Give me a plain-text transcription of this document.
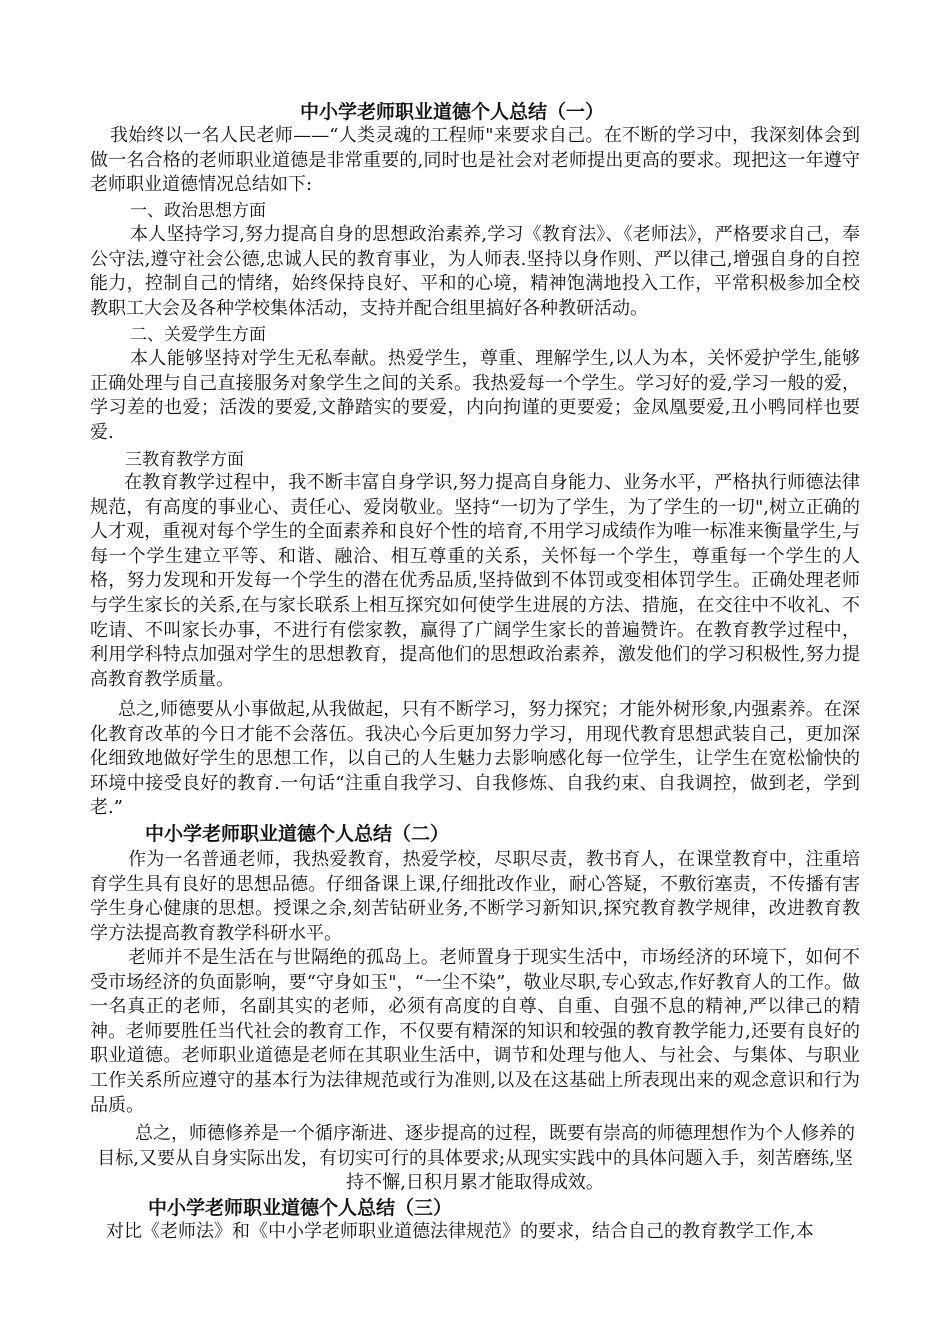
中小学老师职业道德个人总结（一）

我始终以一名人民老师——“人类灵魂的工程师"来要求自己。在不断的学习中，我深刻体会到做一名合格的老师职业道德是非常重要的,同时也是社会对老师提出更高的要求。现把这一年遵守老师职业道德情况总结如下:

一、政治思想方面

本人坚持学习,努力提高自身的思想政治素养,学习《教育法》、《老师法》，严格要求自己，奉公守法,遵守社会公德,忠诚人民的教育事业，为人师表.坚持以身作则、严以律己,增强自身的自控能力，控制自己的情绪，始终保持良好、平和的心境，精神饱满地投入工作，平常积极参加全校教职工大会及各种学校集体活动，支持并配合组里搞好各种教研活动。

二、关爱学生方面

本人能够坚持对学生无私奉献。热爱学生，尊重、理解学生,以人为本，关怀爱护学生,能够正确处理与自己直接服务对象学生之间的关系。我热爱每一个学生。学习好的爱,学习一般的爱，学习差的也爱；活泼的要爱,文静踏实的要爱，内向拘谨的更要爱；金凤凰要爱,丑小鸭同样也要爱.

三教育教学方面

在教育教学过程中，我不断丰富自身学识,努力提高自身能力、业务水平，严格执行师德法律规范，有高度的事业心、责任心、爱岗敬业。坚持“一切为了学生，为了学生的一切",树立正确的人才观，重视对每个学生的全面素养和良好个性的培育,不用学习成绩作为唯一标准来衡量学生,与每一个学生建立平等、和谐、融洽、相互尊重的关系，关怀每一个学生，尊重每一个学生的人格，努力发现和开发每一个学生的潜在优秀品质,坚持做到不体罚或变相体罚学生。正确处理老师与学生家长的关系,在与家长联系上相互探究如何使学生进展的方法、措施，在交往中不收礼、不吃请、不叫家长办事，不进行有偿家教，赢得了广阔学生家长的普遍赞许。在教育教学过程中，利用学科特点加强对学生的思想教育，提高他们的思想政治素养，激发他们的学习积极性,努力提高教育教学质量。

总之,师德要从小事做起,从我做起，只有不断学习，努力探究；才能外树形象,内强素养。在深化教育改革的今日才能不会落伍。我决心今后更加努力学习，用现代教育思想武装自己，更加深化细致地做好学生的思想工作，以自己的人生魅力去影响感化每一位学生，让学生在宽松愉快的环境中接受良好的教育.一句话“注重自我学习、自我修炼、自我约束、自我调控，做到老，学到老.”

中小学老师职业道德个人总结（二）

作为一名普通老师，我热爱教育，热爱学校，尽职尽责，教书育人，在课堂教育中，注重培育学生具有良好的思想品德。仔细备课上课,仔细批改作业，耐心答疑，不敷衍塞责，不传播有害学生身心健康的思想。授课之余,刻苦钻研业务,不断学习新知识,探究教育教学规律，改进教育教学方法提高教育教学科研水平。

老师并不是生活在与世隔绝的孤岛上。老师置身于现实生活中，市场经济的环境下，如何不受市场经济的负面影响，要“守身如玉"，“一尘不染”，敬业尽职,专心致志,作好教育人的工作。做一名真正的老师，名副其实的老师，必须有高度的自尊、自重、自强不息的精神,严以律己的精神。老师要胜任当代社会的教育工作，不仅要有精深的知识和较强的教育教学能力,还要有良好的职业道德。老师职业道德是老师在其职业生活中，调节和处理与他人、与社会、与集体、与职业工作关系所应遵守的基本行为法律规范或行为准则,以及在这基础上所表现出来的观念意识和行为品质。

总之，师德修养是一个循序渐进、逐步提高的过程，既要有崇高的师德理想作为个人修养的目标,又要从自身实际出发，有切实可行的具体要求;从现实实践中的具体问题入手，刻苦磨练,坚持不懈,日积月累才能取得成效。

中小学老师职业道德个人总结（三）

对比《老师法》和《中小学老师职业道德法律规范》的要求，结合自己的教育教学工作,本
